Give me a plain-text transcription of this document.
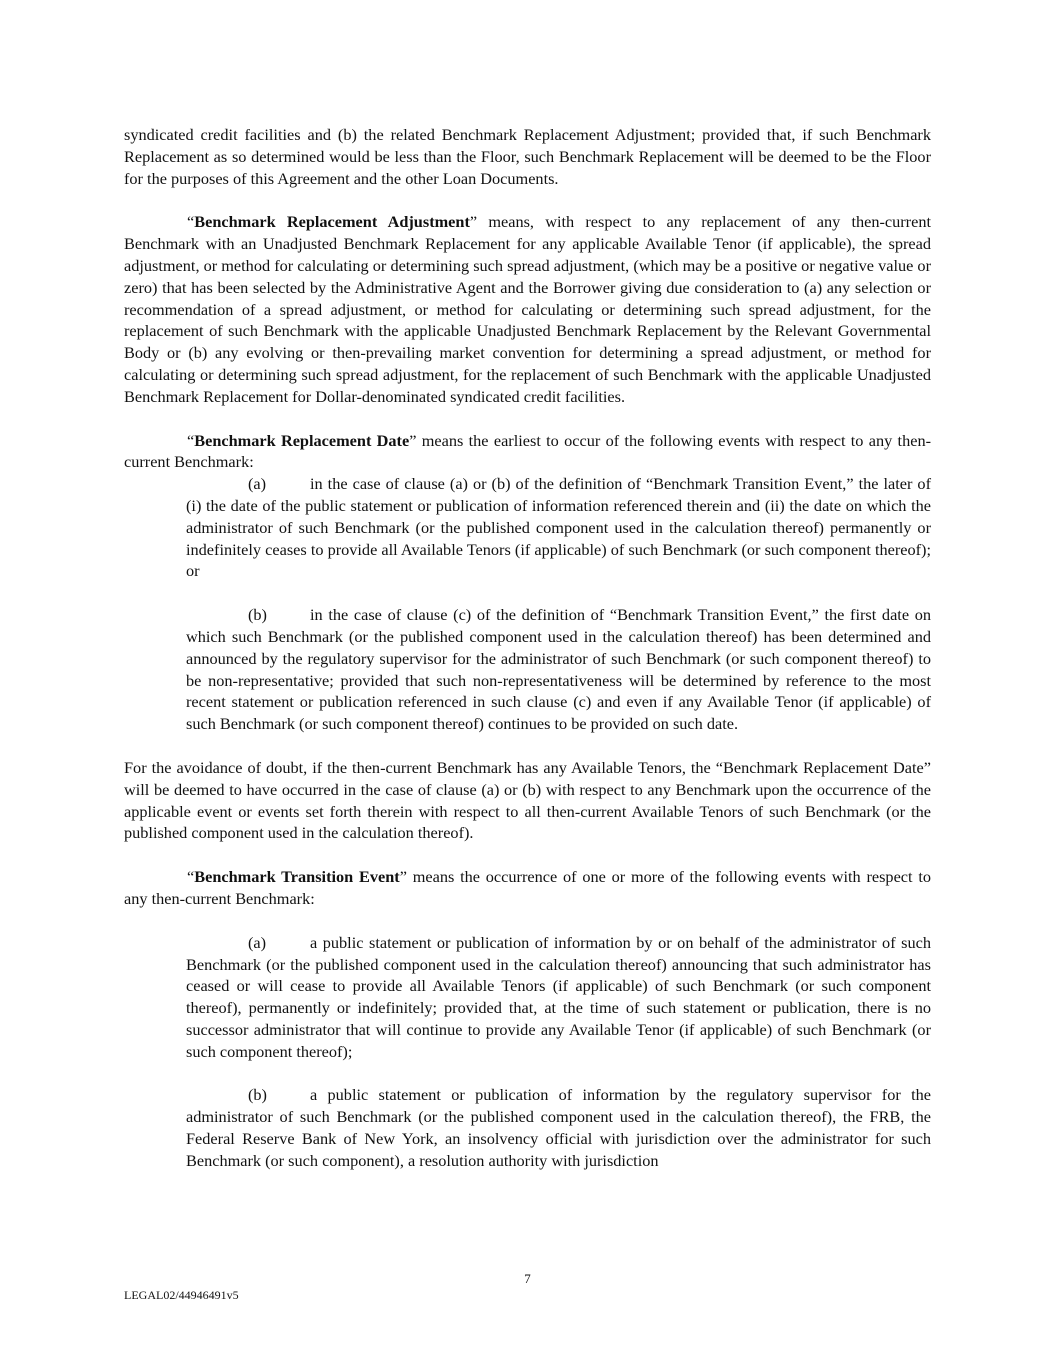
syndicated credit facilities and (b) the related Benchmark Replacement Adjustment; provided that, if such Benchmark Replacement as so determined would be less than the Floor, such Benchmark Replacement will be deemed to be the Floor for the purposes of this Agreement and the other Loan Documents.

“Benchmark Replacement Adjustment” means, with respect to any replacement of any then-current Benchmark with an Unadjusted Benchmark Replacement for any applicable Available Tenor (if applicable), the spread adjustment, or method for calculating or determining such spread adjustment, (which may be a positive or negative value or zero) that has been selected by the Administrative Agent and the Borrower giving due consideration to (a) any selection or recommendation of a spread adjustment, or method for calculating or determining such spread adjustment, for the replacement of such Benchmark with the applicable Unadjusted Benchmark Replacement by the Relevant Governmental Body or (b) any evolving or then-prevailing market convention for determining a spread adjustment, or method for calculating or determining such spread adjustment, for the replacement of such Benchmark with the applicable Unadjusted Benchmark Replacement for Dollar-denominated syndicated credit facilities.

“Benchmark Replacement Date” means the earliest to occur of the following events with respect to any then-current Benchmark:

(a)	in the case of clause (a) or (b) of the definition of “Benchmark Transition Event,” the later of (i) the date of the public statement or publication of information referenced therein and (ii) the date on which the administrator of such Benchmark (or the published component used in the calculation thereof) permanently or indefinitely ceases to provide all Available Tenors (if applicable) of such Benchmark (or such component thereof); or

(b)	in the case of clause (c) of the definition of “Benchmark Transition Event,” the first date on which such Benchmark (or the published component used in the calculation thereof) has been determined and announced by the regulatory supervisor for the administrator of such Benchmark (or such component thereof) to be non-representative; provided that such non-representativeness will be determined by reference to the most recent statement or publication referenced in such clause (c) and even if any Available Tenor (if applicable) of such Benchmark (or such component thereof) continues to be provided on such date.

For the avoidance of doubt, if the then-current Benchmark has any Available Tenors, the “Benchmark Replacement Date” will be deemed to have occurred in the case of clause (a) or (b) with respect to any Benchmark upon the occurrence of the applicable event or events set forth therein with respect to all then-current Available Tenors of such Benchmark (or the published component used in the calculation thereof).

“Benchmark Transition Event” means the occurrence of one or more of the following events with respect to any then-current Benchmark:

(a)	a public statement or publication of information by or on behalf of the administrator of such Benchmark (or the published component used in the calculation thereof) announcing that such administrator has ceased or will cease to provide all Available Tenors (if applicable) of such Benchmark (or such component thereof), permanently or indefinitely; provided that, at the time of such statement or publication, there is no successor administrator that will continue to provide any Available Tenor (if applicable) of such Benchmark (or such component thereof);

(b)	a public statement or publication of information by the regulatory supervisor for the administrator of such Benchmark (or the published component used in the calculation thereof), the FRB, the Federal Reserve Bank of New York, an insolvency official with jurisdiction over the administrator for such Benchmark (or such component), a resolution authority with jurisdiction

7
LEGAL02/44946491v5
